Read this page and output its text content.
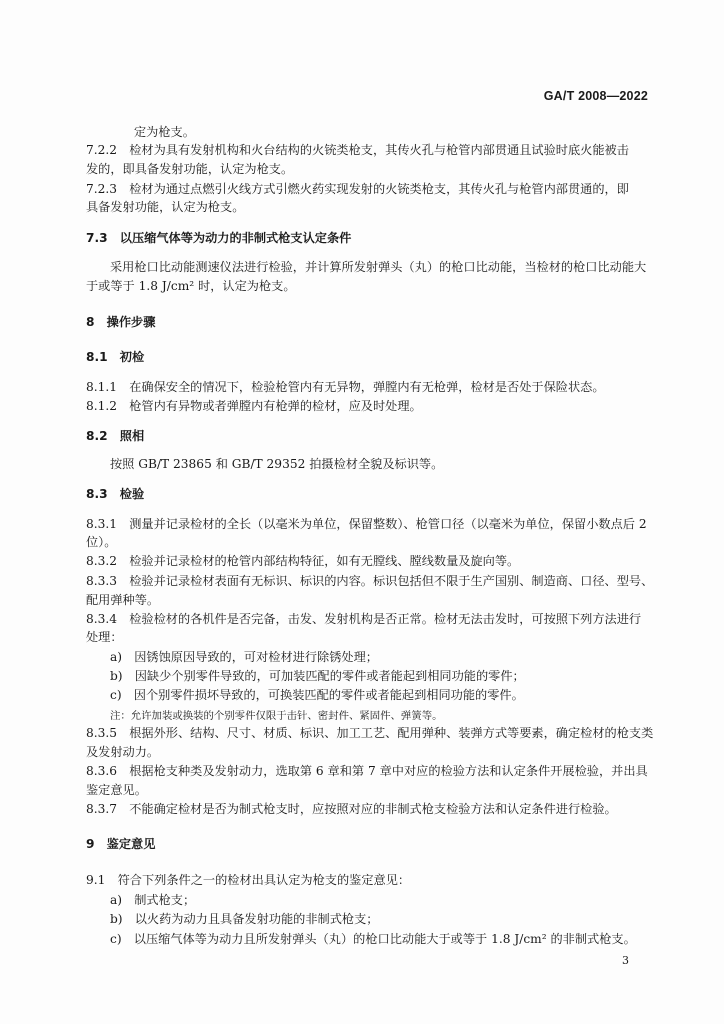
GA/T 2008—2022
定为枪支。
7.2.2　检材为具有发射机构和火台结构的火铳类枪支，其传火孔与枪管内部贯通且试验时底火能被击
发的，即具备发射功能，认定为枪支。
7.2.3　检材为通过点燃引火线方式引燃火药实现发射的火铳类枪支，其传火孔与枪管内部贯通的，即
具备发射功能，认定为枪支。
7.3　以压缩气体等为动力的非制式枪支认定条件
采用枪口比动能测速仪法进行检验，并计算所发射弹头（丸）的枪口比动能，当检材的枪口比动能大
于或等于 1.8 J/cm² 时，认定为枪支。
8　操作步骤
8.1　初检
8.1.1　在确保安全的情况下，检验枪管内有无异物，弹膛内有无枪弹，检材是否处于保险状态。
8.1.2　枪管内有异物或者弹膛内有枪弹的检材，应及时处理。
8.2　照相
按照 GB/T 23865 和 GB/T 29352 拍摄检材全貌及标识等。
8.3　检验
8.3.1　测量并记录检材的全长（以毫米为单位，保留整数）、枪管口径（以毫米为单位，保留小数点后 2
位）。
8.3.2　检验并记录检材的枪管内部结构特征，如有无膛线、膛线数量及旋向等。
8.3.3　检验并记录检材表面有无标识、标识的内容。标识包括但不限于生产国别、制造商、口径、型号、
配用弹种等。
8.3.4　检验检材的各机件是否完备，击发、发射机构是否正常。检材无法击发时，可按照下列方法进行
处理：
a)　因锈蚀原因导致的，可对检材进行除锈处理；
b)　因缺少个别零件导致的，可加装匹配的零件或者能起到相同功能的零件；
c)　因个别零件损坏导致的，可换装匹配的零件或者能起到相同功能的零件。
注：允许加装或换装的个别零件仅限于击针、密封件、紧固件、弹簧等。
8.3.5　根据外形、结构、尺寸、材质、标识、加工工艺、配用弹种、装弹方式等要素，确定检材的枪支类
及发射动力。
8.3.6　根据枪支种类及发射动力，选取第 6 章和第 7 章中对应的检验方法和认定条件开展检验，并出具
鉴定意见。
8.3.7　不能确定检材是否为制式枪支时，应按照对应的非制式枪支检验方法和认定条件进行检验。
9　鉴定意见
9.1　符合下列条件之一的检材出具认定为枪支的鉴定意见：
a)　制式枪支；
b)　以火药为动力且具备发射功能的非制式枪支；
c)　以压缩气体等为动力且所发射弹头（丸）的枪口比动能大于或等于 1.8 J/cm² 的非制式枪支。
3
